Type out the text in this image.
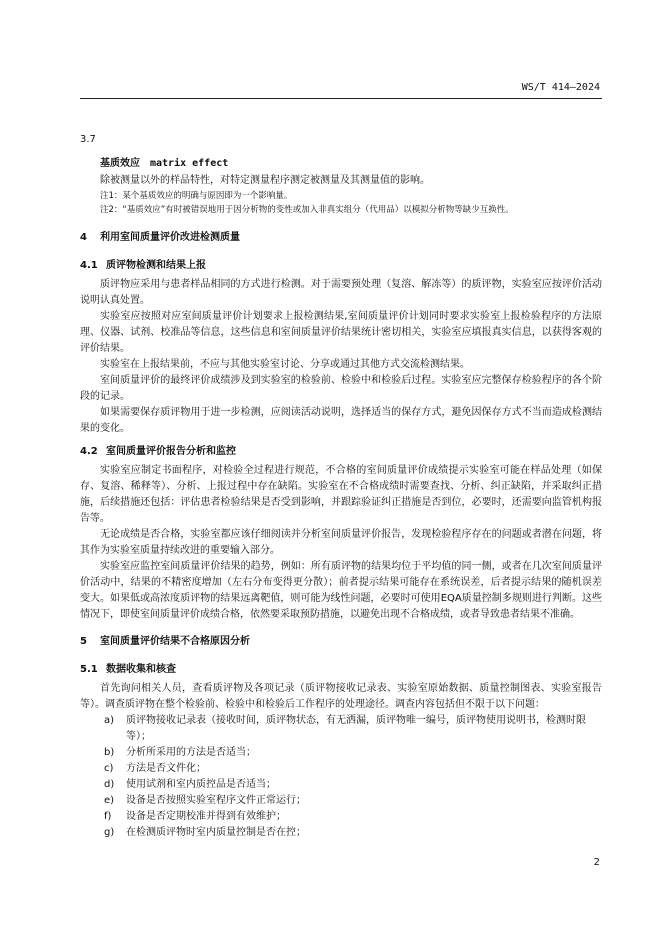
WS/T 414—2024

3.7

基质效应 matrix effect

除被测量以外的样品特性，对特定测量程序测定被测量及其测量值的影响。

注1：某个基质效应的明确与原因即为一个影响量。

注2：“基质效应”有时被错误地用于因分析物的变性或加入非真实组分（代用品）以模拟分析物等缺少互换性。

4 利用室间质量评价改进检测质量

4.1 质评物检测和结果上报

质评物应采用与患者样品相同的方式进行检测。对于需要预处理（复溶、解冻等）的质评物，实验室应按评价活动说明认真处置。

实验室应按照对应室间质量评价计划要求上报检测结果,室间质量评价计划同时要求实验室上报检验程序的方法原理、仪器、试剂、校准品等信息，这些信息和室间质量评价结果统计密切相关，实验室应填报真实信息，以获得客观的评价结果。

实验室在上报结果前，不应与其他实验室讨论、分享或通过其他方式交流检测结果。

室间质量评价的最终评价成绩涉及到实验室的检验前、检验中和检验后过程。实验室应完整保存检验程序的各个阶段的记录。

如果需要保存质评物用于进一步检测，应阅读活动说明，选择适当的保存方式，避免因保存方式不当而造成检测结果的变化。

4.2 室间质量评价报告分析和监控

实验室应制定书面程序，对检验全过程进行规范，不合格的室间质量评价成绩提示实验室可能在样品处理（如保存、复溶、稀释等）、分析、上报过程中存在缺陷。实验室在不合格成绩时需要查找、分析、纠正缺陷，并采取纠正措施，后续措施还包括：评估患者检验结果是否受到影响，并跟踪验证纠正措施是否到位，必要时，还需要向监管机构报告等。

无论成绩是否合格，实验室都应该仔细阅读并分析室间质量评价报告，发现检验程序存在的问题或者潜在问题，将其作为实验室质量持续改进的重要输入部分。

实验室应监控室间质量评价结果的趋势，例如：所有质评物的结果均位于平均值的同一侧，或者在几次室间质量评价活动中，结果的不精密度增加（左右分布变得更分散）；前者提示结果可能存在系统误差，后者提示结果的随机误差变大。如果低或高浓度质评物的结果远离靶值，则可能为线性问题，必要时可使用EQA质量控制多规则进行判断。这些情况下，即使室间质量评价成绩合格，依然要采取预防措施，以避免出现不合格成绩，或者导致患者结果不准确。

5 室间质量评价结果不合格原因分析

5.1 数据收集和核查

首先询问相关人员，查看质评物及各项记录（质评物接收记录表、实验室原始数据、质量控制图表、实验室报告等）。调查质评物在整个检验前、检验中和检验后工作程序的处理途径。调查内容包括但不限于以下问题：

a)	质评物接收记录表（接收时间，质评物状态，有无洒漏，质评物唯一编号，质评物使用说明书，检测时限等）；
b)	分析所采用的方法是否适当；
c)	方法是否文件化；
d)	使用试剂和室内质控品是否适当；
e)	设备是否按照实验室程序文件正常运行；
f)	设备是否定期校准并得到有效维护；
g)	在检测质评物时室内质量控制是否在控；
2
